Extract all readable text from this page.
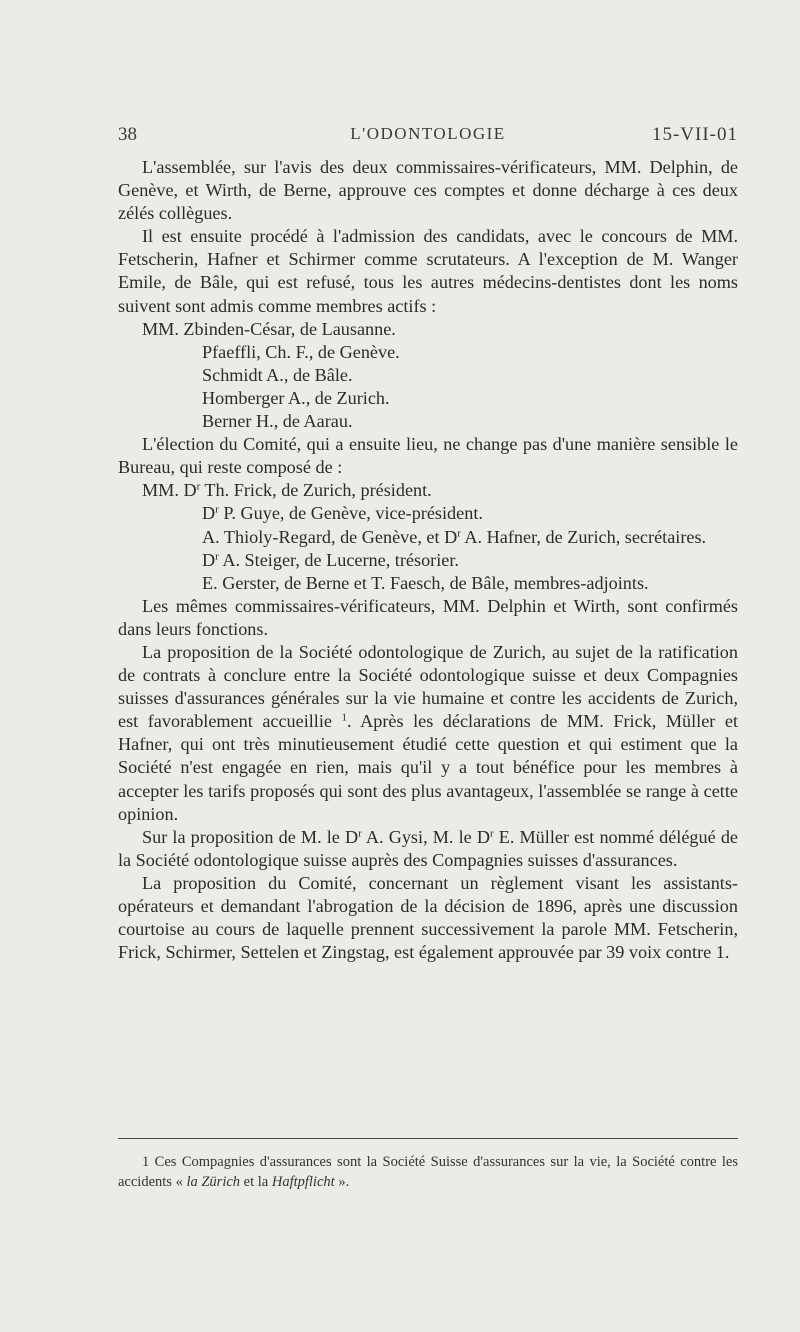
38	L'ODONTOLOGIE	15-VII-01

L'assemblée, sur l'avis des deux commissaires-vérificateurs, MM. Delphin, de Genève, et Wirth, de Berne, approuve ces comptes et donne décharge à ces deux zélés collègues.

Il est ensuite procédé à l'admission des candidats, avec le concours de MM. Fetscherin, Hafner et Schirmer comme scrutateurs. A l'exception de M. Wanger Emile, de Bâle, qui est refusé, tous les autres médecins-dentistes dont les noms suivent sont admis comme membres actifs :

MM. Zbinden-César, de Lausanne.

Pfaeffli, Ch. F., de Genève.

Schmidt A., de Bâle.

Homberger A., de Zurich.

Berner H., de Aarau.

L'élection du Comité, qui a ensuite lieu, ne change pas d'une manière sensible le Bureau, qui reste composé de :

MM. $D^r$ Th. Frick, de Zurich, président.

$D^r$ P. Guye, de Genève, vice-président.

A. Thioly-Regard, de Genève, et $D^r$ A. Hafner, de Zurich, secrétaires.

$D^r$ A. Steiger, de Lucerne, trésorier.

E. Gerster, de Berne et T. Faesch, de Bâle, membres-adjoints.

Les mêmes commissaires-vérificateurs, MM. Delphin et Wirth, sont confirmés dans leurs fonctions.

La proposition de la Société odontologique de Zurich, au sujet de la ratification de contrats à conclure entre la Société odontologique suisse et deux Compagnies suisses d'assurances générales sur la vie humaine et contre les accidents de Zurich, est favorablement accueillie $^1$. Après les déclarations de MM. Frick, Müller et Hafner, qui ont très minutieusement étudié cette question et qui estiment que la Société n'est engagée en rien, mais qu'il y a tout bénéfice pour les membres à accepter les tarifs proposés qui sont des plus avantageux, l'assemblée se range à cette opinion.

Sur la proposition de M. le $D^r$ A. Gysi, M. le $D^r$ E. Müller est nommé délégué de la Société odontologique suisse auprès des Compagnies suisses d'assurances.

La proposition du Comité, concernant un règlement visant les assistants-opérateurs et demandant l'abrogation de la décision de 1896, après une discussion courtoise au cours de laquelle prennent successivement la parole MM. Fetscherin, Frick, Schirmer, Settelen et Zingstag, est également approuvée par 39 voix contre 1.

1 Ces Compagnies d'assurances sont la Société Suisse d'assurances sur la vie, la Société contre les accidents « la Zürich et la Haftpflicht ».
